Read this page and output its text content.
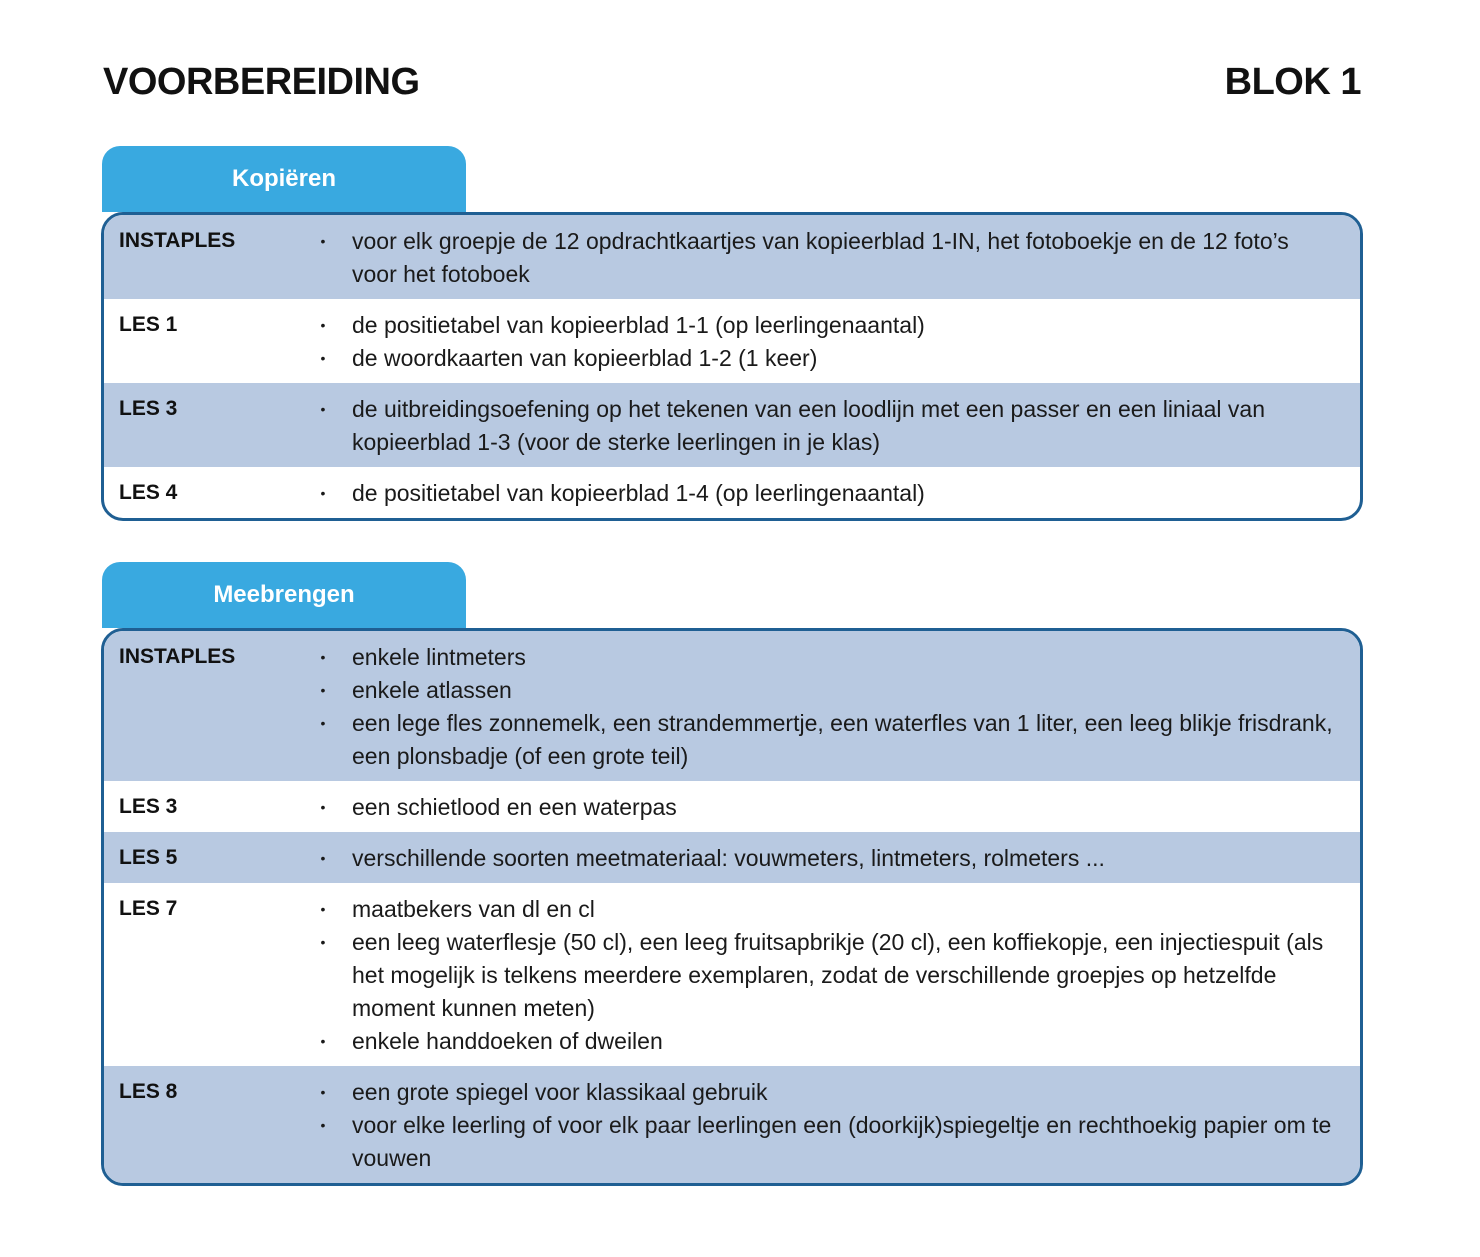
VOORBEREIDING	BLOK 1
Kopiëren
INSTAPLES	• voor elk groepje de 12 opdrachtkaartjes van kopieerblad 1-IN, het fotoboekje en de 12 foto’s voor het fotoboek
LES 1	• de positietabel van kopieerblad 1-1 (op leerlingenaantal)
• de woordkaarten van kopieerblad 1-2 (1 keer)
LES 3	• de uitbreidingsoefening op het tekenen van een loodlijn met een passer en een liniaal van kopieerblad 1-3 (voor de sterke leerlingen in je klas)
LES 4	• de positietabel van kopieerblad 1-4 (op leerlingenaantal)
Meebrengen
INSTAPLES	• enkele lintmeters
• enkele atlassen
• een lege fles zonnemelk, een strandemmertje, een waterfles van 1 liter, een leeg blikje frisdrank, een plonsbadje (of een grote teil)
LES 3	• een schietlood en een waterpas
LES 5	• verschillende soorten meetmateriaal: vouwmeters, lintmeters, rolmeters ...
LES 7	• maatbekers van dl en cl
• een leeg waterflesje (50 cl), een leeg fruitsapbrikje (20 cl), een koffiekopje, een injectiespuit (als het mogelijk is telkens meerdere exemplaren, zodat de verschillende groepjes op hetzelfde moment kunnen meten)
• enkele handdoeken of dweilen
LES 8	• een grote spiegel voor klassikaal gebruik
• voor elke leerling of voor elk paar leerlingen een (doorkijk)spiegeltje en rechthoekig papier om te vouwen
